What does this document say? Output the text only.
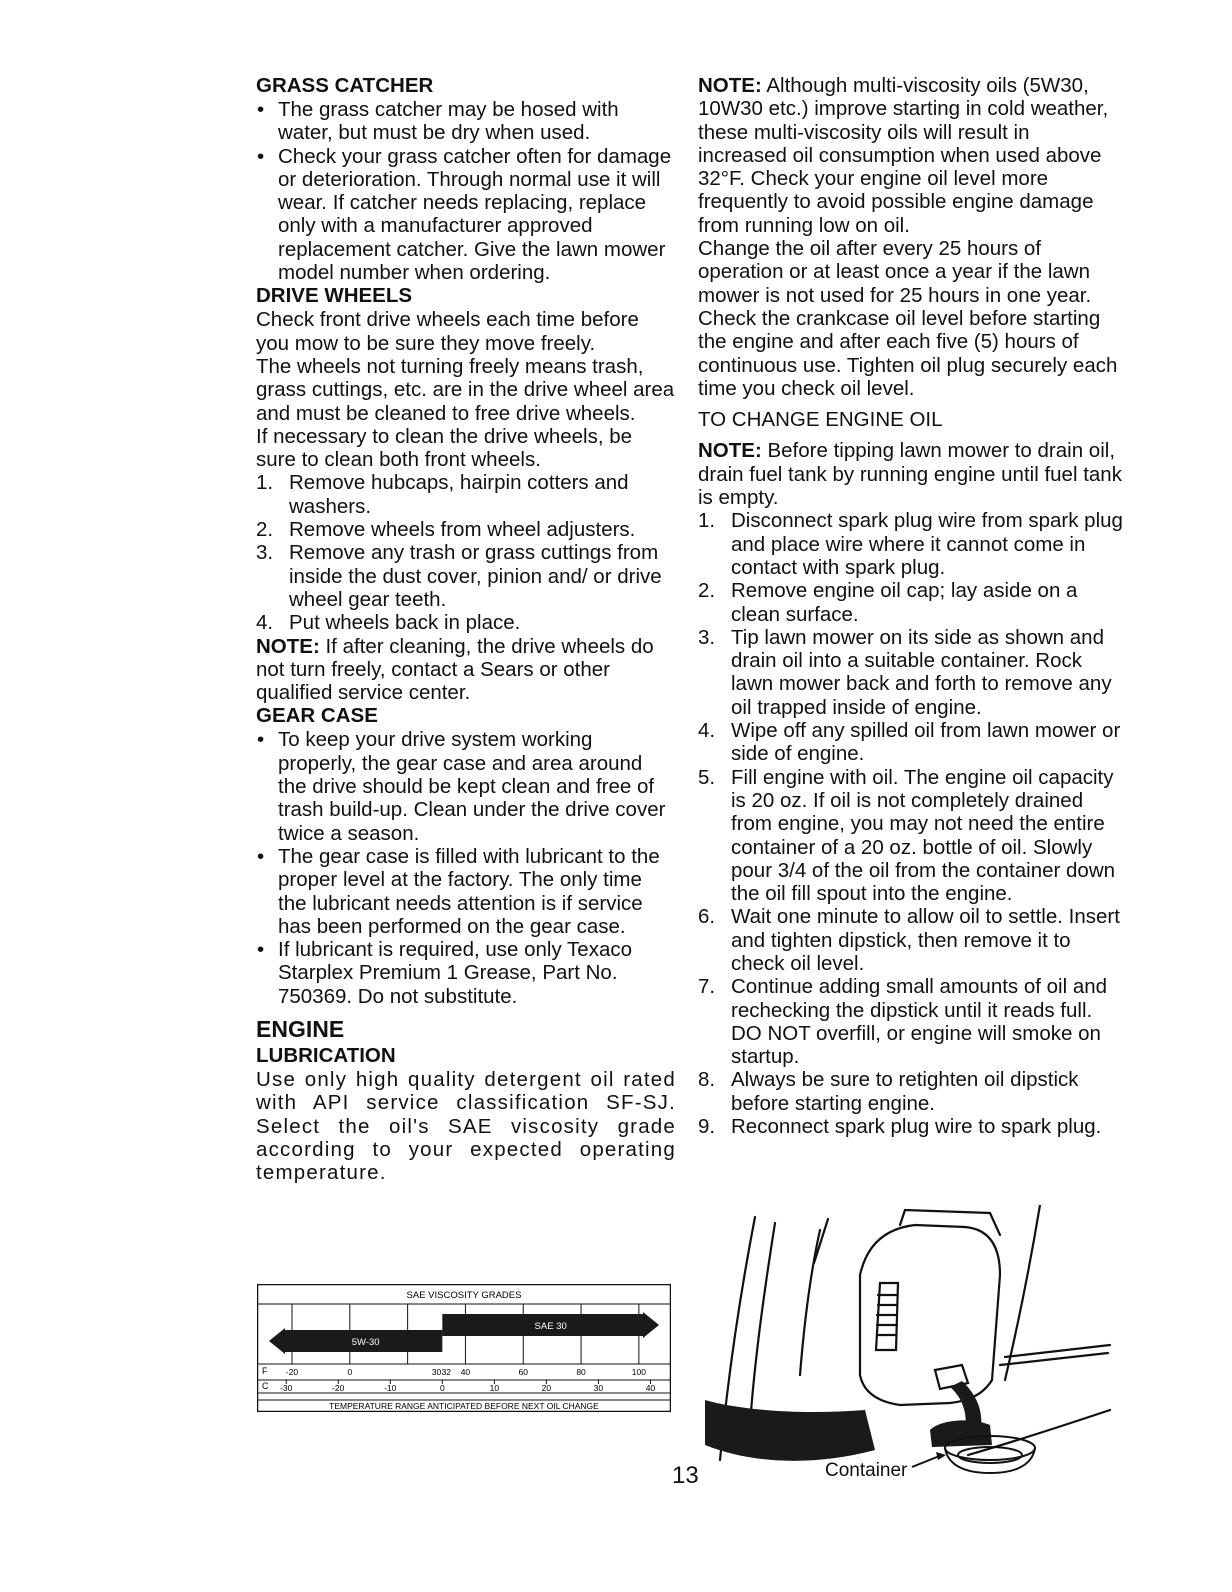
GRASS CATCHER
• The grass catcher may be hosed with water, but must be dry when used.
• Check your grass catcher often for damage or deterioration. Through normal use it will wear. If catcher needs replacing, replace only with a manufacturer approved replacement catcher. Give the lawn mower model number when ordering.
DRIVE WHEELS

Check front drive wheels each time before you mow to be sure they move freely.

The wheels not turning freely means trash, grass cuttings, etc. are in the drive wheel area and must be cleaned to free drive wheels.

If necessary to clean the drive wheels, be sure to clean both front wheels.

1. Remove hubcaps, hairpin cotters and washers.
2. Remove wheels from wheel adjusters.
3. Remove any trash or grass cuttings from inside the dust cover, pinion and/ or drive wheel gear teeth.
4. Put wheels back in place.

NOTE: If after cleaning, the drive wheels do not turn freely, contact a Sears or other qualified service center.

GEAR CASE
• To keep your drive system working properly, the gear case and area around the drive should be kept clean and free of trash build-up. Clean under the drive cover twice a season.
• The gear case is filled with lubricant to the proper level at the factory. The only time the lubricant needs attention is if service has been performed on the gear case.
• If lubricant is required, use only Texaco Starplex Premium 1 Grease, Part No. 750369. Do not substitute.
ENGINE
LUBRICATION

Use only high quality detergent oil rated with API service classification SF-SJ. Select the oil's SAE viscosity grade according to your expected operating temperature.

NOTE: Although multi-viscosity oils (5W30, 10W30 etc.) improve starting in cold weather, these multi-viscosity oils will result in increased oil consumption when used above 32°F. Check your engine oil level more frequently to avoid possible engine damage from running low on oil.

Change the oil after every 25 hours of operation or at least once a year if the lawn mower is not used for 25 hours in one year.

Check the crankcase oil level before starting the engine and after each five (5) hours of continuous use. Tighten oil plug securely each time you check oil level.

TO CHANGE ENGINE OIL

NOTE: Before tipping lawn mower to drain oil, drain fuel tank by running engine until fuel tank is empty.

1. Disconnect spark plug wire from spark plug and place wire where it cannot come in contact with spark plug.
2. Remove engine oil cap; lay aside on a clean surface.
3. Tip lawn mower on its side as shown and drain oil into a suitable container. Rock lawn mower back and forth to remove any oil trapped inside of engine.
4. Wipe off any spilled oil from lawn mower or side of engine.
5. Fill engine with oil. The engine oil capacity is 20 oz. If oil is not completely drained from engine, you may not need the entire container of a 20 oz. bottle of oil. Slowly pour 3/4 of the oil from the container down the oil fill spout into the engine.
6. Wait one minute to allow oil to settle. Insert and tighten dipstick, then remove it to check oil level.
7. Continue adding small amounts of oil and rechecking the dipstick until it reads full. DO NOT overfill, or engine will smoke on startup.
8. Always be sure to retighten oil dipstick before starting engine.
9. Reconnect spark plug wire to spark plug.
SAE VISCOSITY GRADES
5W-30
SAE 30
-20	0	30 32 40	60	80	100
-30	-20	-10	0	10	20	30	40
F
C
TEMPERATURE RANGE ANTICIPATED BEFORE NEXT OIL CHANGE
13	Container
